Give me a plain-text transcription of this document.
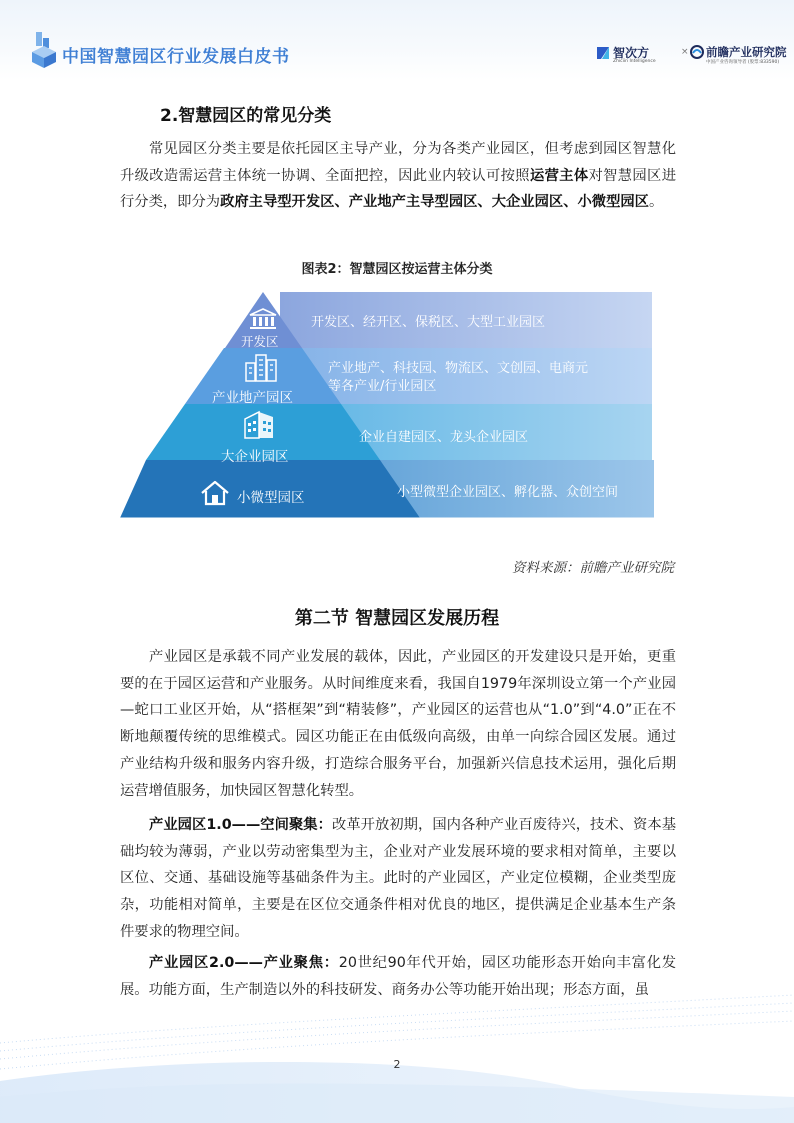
中国智慧园区行业发展白皮书	智次方
Zhiciin Intelligence
× 前瞻产业研究院
中国产业咨询领导者 (股票:833590)
2.智慧园区的常见分类

常见园区分类主要是依托园区主导产业，分为各类产业园区，但考虑到园区智慧化升级改造需运营主体统一协调、全面把控，因此业内较认可按照运营主体对智慧园区进行分类，即分为政府主导型开发区、产业地产主导型园区、大企业园区、小微型园区。

图表2：智慧园区按运营主体分类
开发区
开发区、经开区、保税区、大型工业园区
产业地产园区
产业地产、科技园、物流区、文创园、电商元等各产业/行业园区
大企业园区
企业自建园区、龙头企业园区
小微型园区	小型微型企业园区、孵化器、众创空间
资料来源：前瞻产业研究院
第二节 智慧园区发展历程

产业园区是承载不同产业发展的载体，因此，产业园区的开发建设只是开始，更重要的在于园区运营和产业服务。从时间维度来看，我国自1979年深圳设立第一个产业园—蛇口工业区开始，从“搭框架”到“精装修”，产业园区的运营也从“1.0”到“4.0”正在不断地颠覆传统的思维模式。园区功能正在由低级向高级，由单一向综合园区发展。通过产业结构升级和服务内容升级，打造综合服务平台，加强新兴信息技术运用，强化后期运营增值服务，加快园区智慧化转型。

产业园区1.0——空间聚集：改革开放初期，国内各种产业百废待兴，技术、资本基础均较为薄弱，产业以劳动密集型为主，企业对产业发展环境的要求相对简单，主要以区位、交通、基础设施等基础条件为主。此时的产业园区，产业定位模糊，企业类型庞杂，功能相对简单，主要是在区位交通条件相对优良的地区，提供满足企业基本生产条件要求的物理空间。

产业园区2.0——产业聚焦：20世纪90年代开始，园区功能形态开始向丰富化发展。功能方面，生产制造以外的科技研发、商务办公等功能开始出现；形态方面，虽

2
